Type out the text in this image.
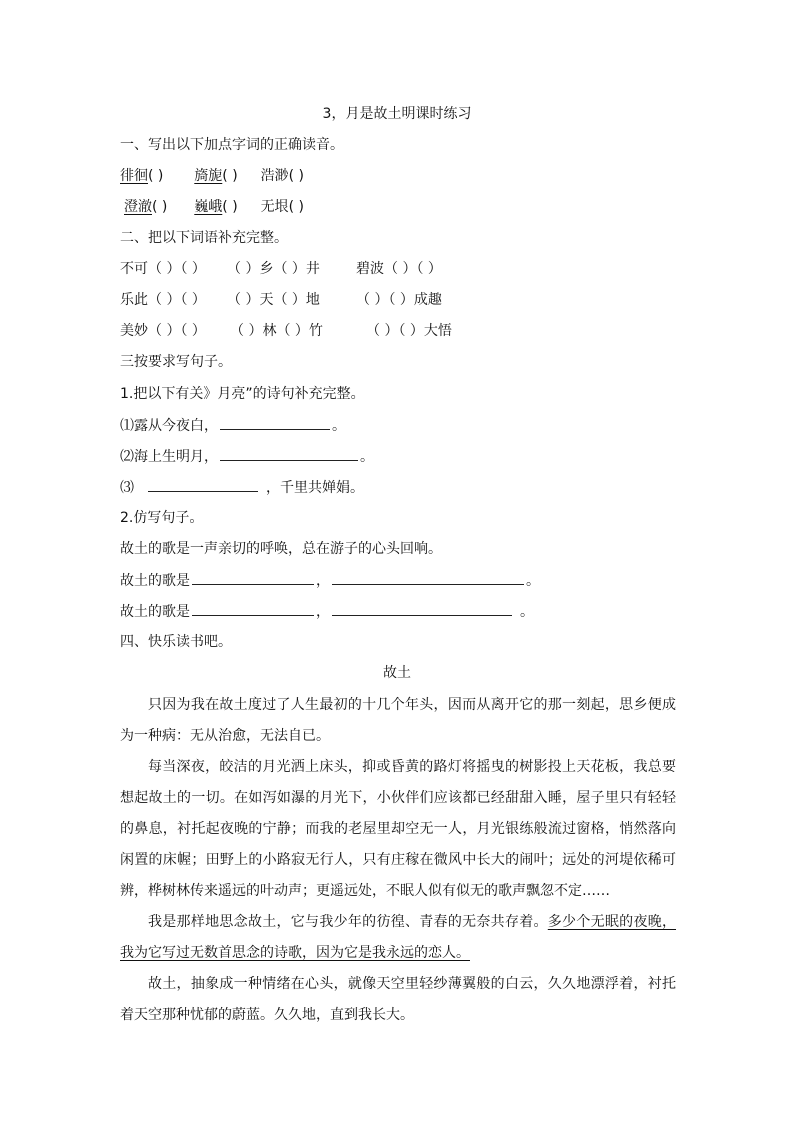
3，月是故土明课时练习
一、写出以下加点字词的正确读音。
徘徊( ) 旖旎( ) 浩渺( )
澄澈( ) 巍峨( ) 无垠( )
二、把以下词语补充完整。
不可（ ）（ ） （ ）乡（ ）井	碧波（ ）（ ）
乐此（ ）（ ） （ ）天（ ）地	（ ）（ ）成趣
美妙（ ）（ ） （ ）林（ ）竹	（ ）（ ）大悟
三按要求写句子。
1.把以下有关》月亮”的诗句补充完整。
⑴露从今夜白，	。
⑵海上生明月，	。
⑶	，千里共婵娟。
2.仿写句子。
故土的歌是一声亲切的呼唤，总在游子的心头回响。
故土的歌是	，	。
故土的歌是	，	。
四、快乐读书吧。
故土
只因为我在故土度过了人生最初的十几个年头，因而从离开它的那一刻起，思乡便成为一种病：无从治愈，无法自已。
每当深夜，皎洁的月光洒上床头，抑或昏黄的路灯将摇曳的树影投上天花板，我总要想起故土的一切。在如泻如瀑的月光下，小伙伴们应该都已经甜甜入睡，屋子里只有轻轻的鼻息，衬托起夜晚的宁静；而我的老屋里却空无一人，月光银练般流过窗格，悄然落向闲置的床幄；田野上的小路寂无行人，只有庄稼在微风中长大的闹叶；远处的河堤依稀可辨，桦树林传来遥远的叶动声；更遥远处，不眠人似有似无的歌声飘忽不定……
我是那样地思念故土，它与我少年的彷徨、青春的无奈共存着。多少个无眠的夜晚，我为它写过无数首思念的诗歌，因为它是我永远的恋人。
故土，抽象成一种情绪在心头，就像天空里轻纱薄翼般的白云，久久地漂浮着，衬托着天空那种忧郁的蔚蓝。久久地，直到我长大。
